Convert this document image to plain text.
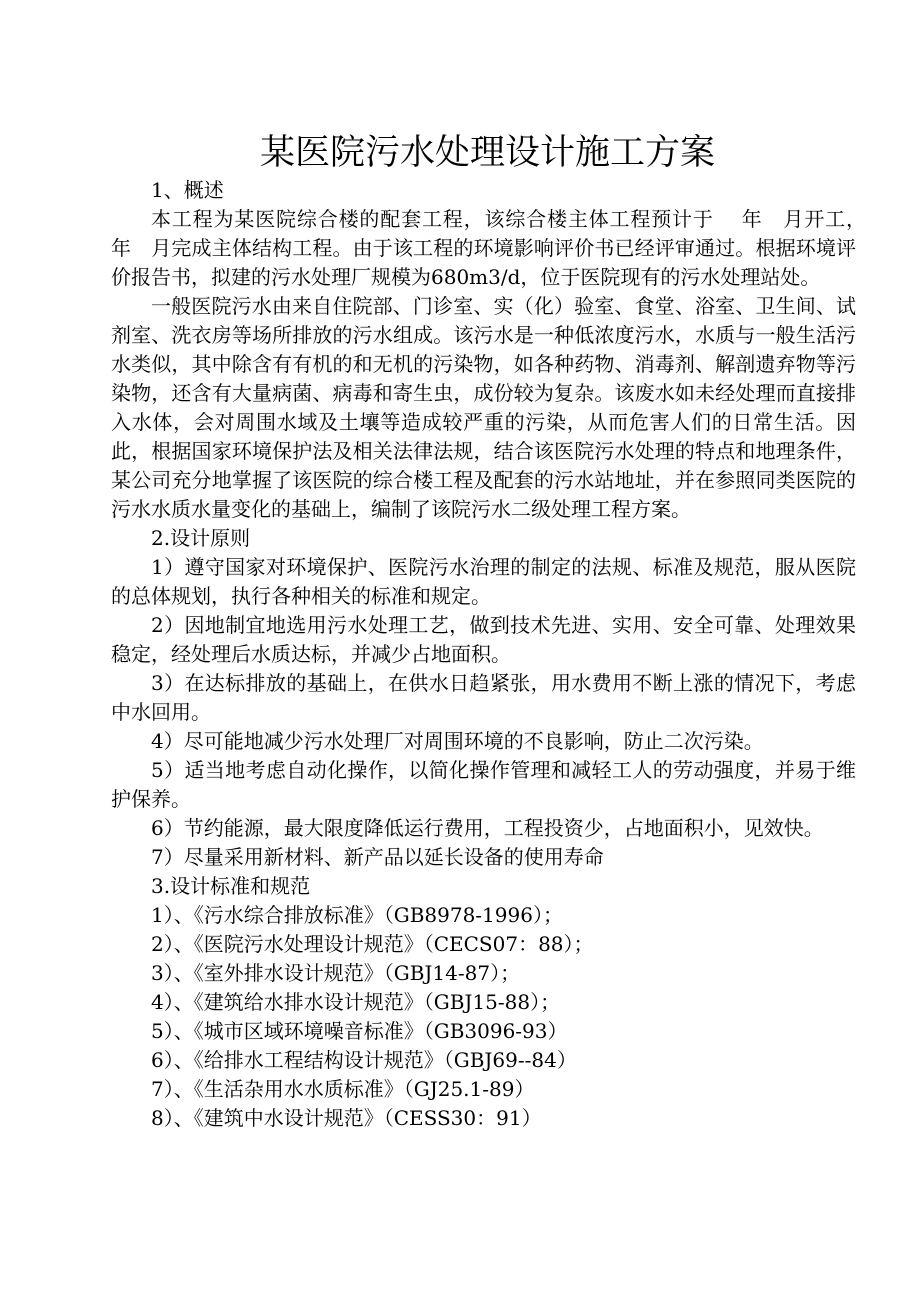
某医院污水处理设计施工方案

1、概述

本工程为某医院综合楼的配套工程，该综合楼主体工程预计于　 年　月开工，　　 年　月完成主体结构工程。由于该工程的环境影响评价书已经评审通过。根据环境评价报告书，拟建的污水处理厂规模为680m3/d，位于医院现有的污水处理站处。

一般医院污水由来自住院部、门诊室、实（化）验室、食堂、浴室、卫生间、试剂室、洗衣房等场所排放的污水组成。该污水是一种低浓度污水，水质与一般生活污水类似，其中除含有有机的和无机的污染物，如各种药物、消毒剂、解剖遗弃物等污染物，还含有大量病菌、病毒和寄生虫，成份较为复杂。该废水如未经处理而直接排入水体，会对周围水域及土壤等造成较严重的污染，从而危害人们的日常生活。因此，根据国家环境保护法及相关法律法规，结合该医院污水处理的特点和地理条件，某公司充分地掌握了该医院的综合楼工程及配套的污水站地址，并在参照同类医院的污水水质水量变化的基础上，编制了该院污水二级处理工程方案。

2.设计原则

1）遵守国家对环境保护、医院污水治理的制定的法规、标准及规范，服从医院的总体规划，执行各种相关的标准和规定。

2）因地制宜地选用污水处理工艺，做到技术先进、实用、安全可靠、处理效果稳定，经处理后水质达标，并减少占地面积。

3）在达标排放的基础上，在供水日趋紧张，用水费用不断上涨的情况下，考虑中水回用。

4）尽可能地减少污水处理厂对周围环境的不良影响，防止二次污染。

5）适当地考虑自动化操作，以简化操作管理和减轻工人的劳动强度，并易于维护保养。

6）节约能源，最大限度降低运行费用，工程投资少，占地面积小，见效快。

7）尽量采用新材料、新产品以延长设备的使用寿命

3.设计标准和规范

1）、《污水综合排放标准》（GB8978-1996）；

2）、《医院污水处理设计规范》（CECS07：88）；

3）、《室外排水设计规范》（GBJ14-87）；

4）、《建筑给水排水设计规范》（GBJ15-88）；

5）、《城市区域环境噪音标准》（GB3096-93）

6）、《给排水工程结构设计规范》（GBJ69--84）

7）、《生活杂用水水质标准》（GJ25.1-89）

8）、《建筑中水设计规范》（CESS30：91）
